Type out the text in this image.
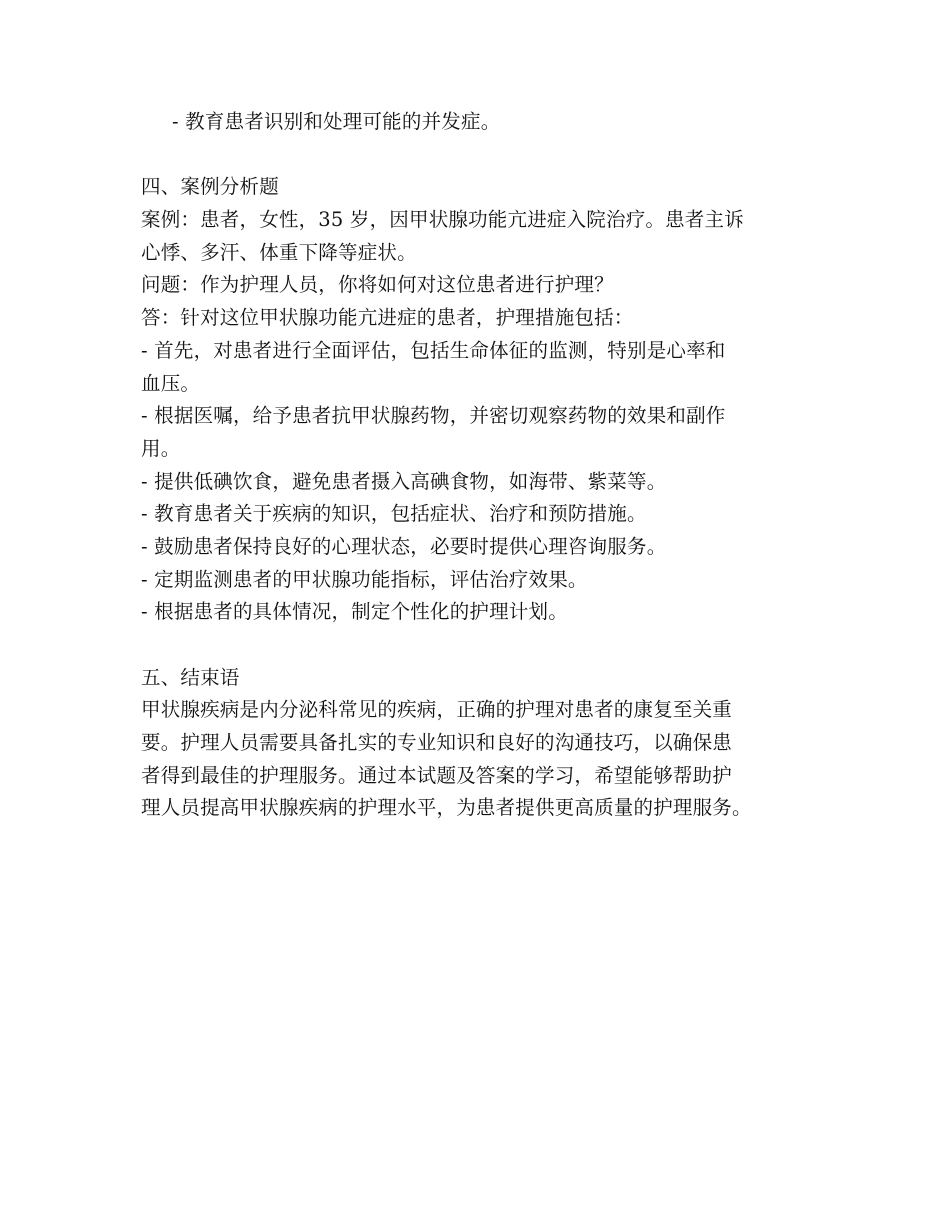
- 教育患者识别和处理可能的并发症。
四、案例分析题
案例：患者，女性，35 岁，因甲状腺功能亢进症入院治疗。患者主诉
心悸、多汗、体重下降等症状。
问题：作为护理人员，你将如何对这位患者进行护理？
答：针对这位甲状腺功能亢进症的患者，护理措施包括：
- 首先，对患者进行全面评估，包括生命体征的监测，特别是心率和
血压。
- 根据医嘱，给予患者抗甲状腺药物，并密切观察药物的效果和副作
用。
- 提供低碘饮食，避免患者摄入高碘食物，如海带、紫菜等。
- 教育患者关于疾病的知识，包括症状、治疗和预防措施。
- 鼓励患者保持良好的心理状态，必要时提供心理咨询服务。
- 定期监测患者的甲状腺功能指标，评估治疗效果。
- 根据患者的具体情况，制定个性化的护理计划。
五、结束语
甲状腺疾病是内分泌科常见的疾病，正确的护理对患者的康复至关重
要。护理人员需要具备扎实的专业知识和良好的沟通技巧，以确保患
者得到最佳的护理服务。通过本试题及答案的学习，希望能够帮助护
理人员提高甲状腺疾病的护理水平，为患者提供更高质量的护理服务。
